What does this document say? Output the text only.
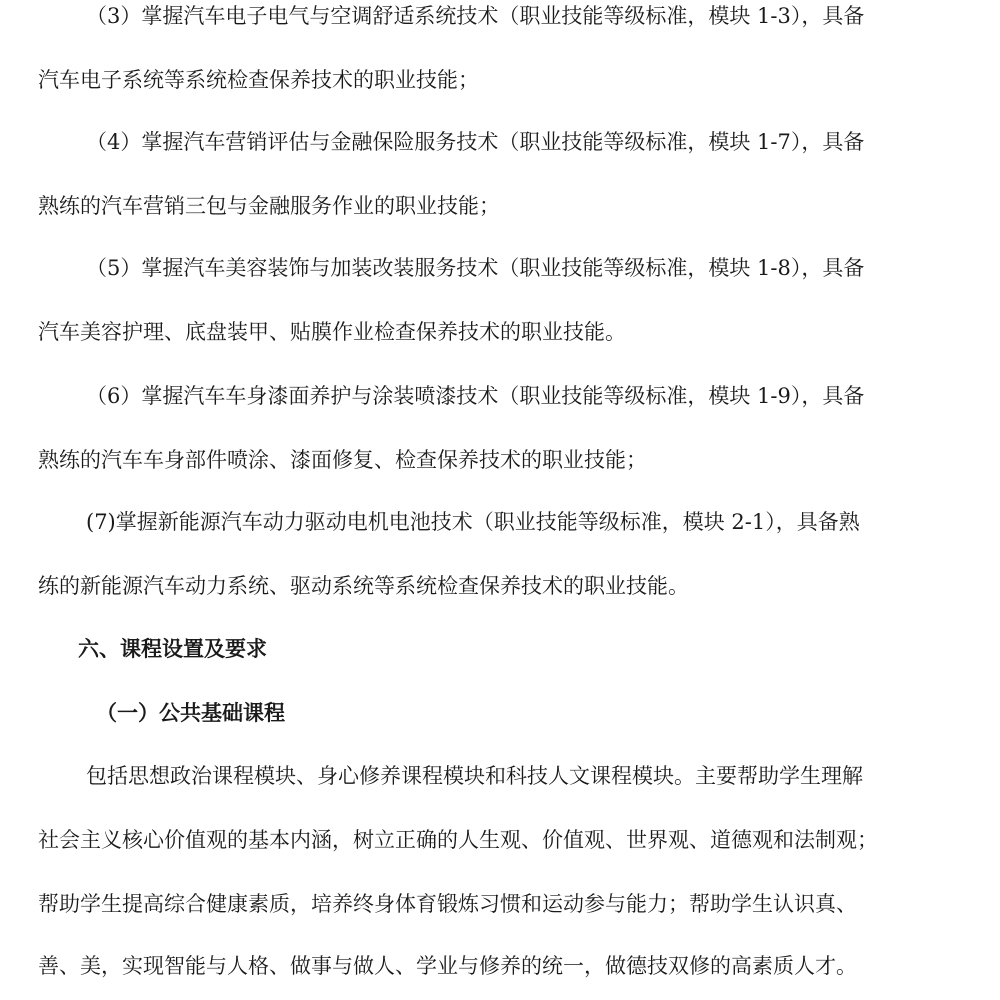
（3）掌握汽车电子电气与空调舒适系统技术（职业技能等级标准，模块 1-3），具备
汽车电子系统等系统检查保养技术的职业技能；
（4）掌握汽车营销评估与金融保险服务技术（职业技能等级标准，模块 1-7），具备
熟练的汽车营销三包与金融服务作业的职业技能；
（5）掌握汽车美容装饰与加装改装服务技术（职业技能等级标准，模块 1-8），具备
汽车美容护理、底盘装甲、贴膜作业检查保养技术的职业技能。
（6）掌握汽车车身漆面养护与涂装喷漆技术（职业技能等级标准，模块 1-9），具备
熟练的汽车车身部件喷涂、漆面修复、检查保养技术的职业技能；
(7)掌握新能源汽车动力驱动电机电池技术（职业技能等级标准，模块 2-1），具备熟
练的新能源汽车动力系统、驱动系统等系统检查保养技术的职业技能。
六、课程设置及要求
（一）公共基础课程
包括思想政治课程模块、身心修养课程模块和科技人文课程模块。主要帮助学生理解
社会主义核心价值观的基本内涵，树立正确的人生观、价值观、世界观、道德观和法制观；
帮助学生提高综合健康素质，培养终身体育锻炼习惯和运动参与能力；帮助学生认识真、
善、美，实现智能与人格、做事与做人、学业与修养的统一，做德技双修的高素质人才。
